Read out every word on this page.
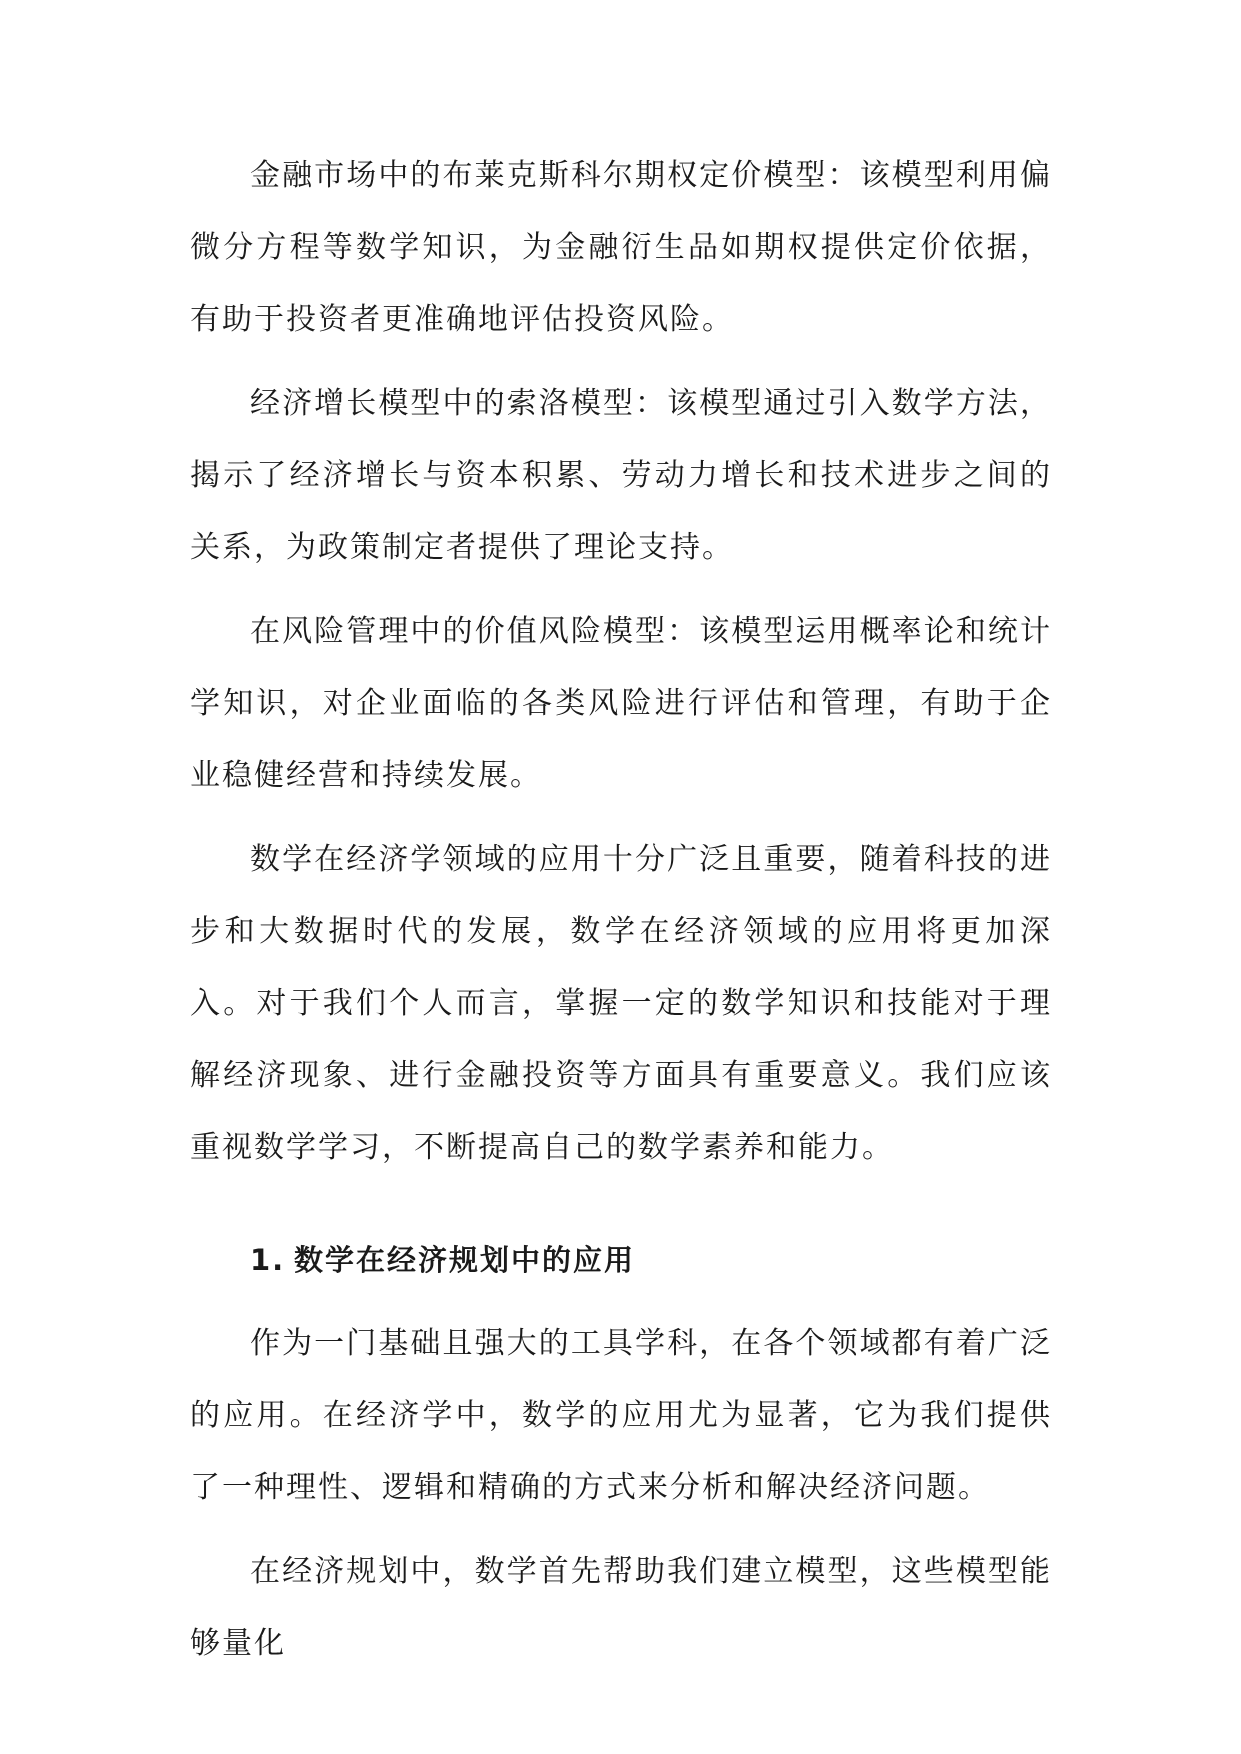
金融市场中的布莱克斯科尔期权定价模型：该模型利用偏微分方程等数学知识，为金融衍生品如期权提供定价依据，有助于投资者更准确地评估投资风险。

经济增长模型中的索洛模型：该模型通过引入数学方法，揭示了经济增长与资本积累、劳动力增长和技术进步之间的关系，为政策制定者提供了理论支持。

在风险管理中的价值风险模型：该模型运用概率论和统计学知识，对企业面临的各类风险进行评估和管理，有助于企业稳健经营和持续发展。

数学在经济学领域的应用十分广泛且重要，随着科技的进步和大数据时代的发展，数学在经济领域的应用将更加深入。对于我们个人而言，掌握一定的数学知识和技能对于理解经济现象、进行金融投资等方面具有重要意义。我们应该重视数学学习，不断提高自己的数学素养和能力。

1. 数学在经济规划中的应用

作为一门基础且强大的工具学科，在各个领域都有着广泛的应用。在经济学中，数学的应用尤为显著，它为我们提供了一种理性、逻辑和精确的方式来分析和解决经济问题。

在经济规划中，数学首先帮助我们建立模型，这些模型能够量化
